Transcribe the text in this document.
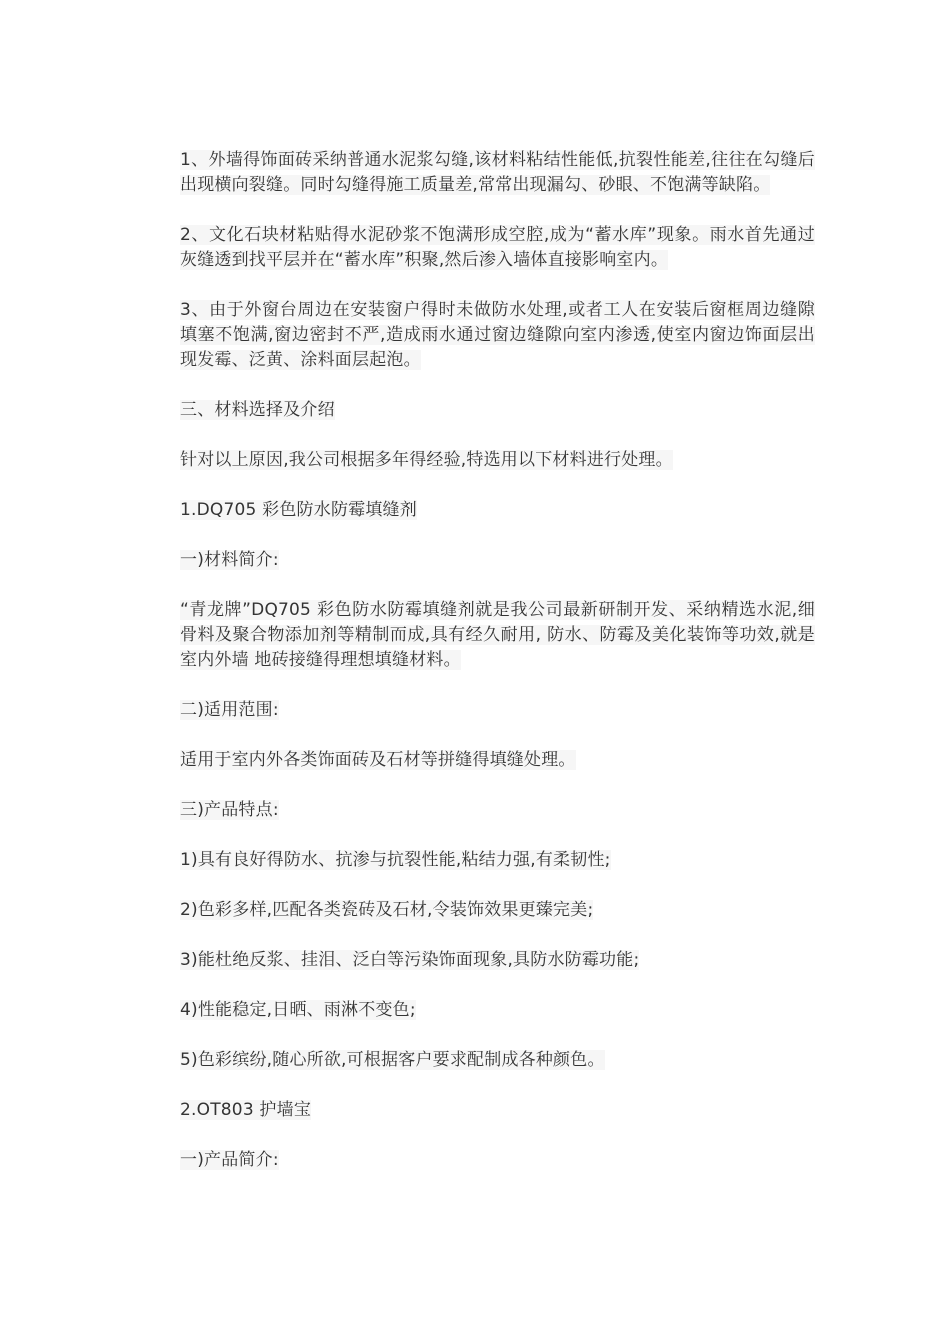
1、外墙得饰面砖采纳普通水泥浆勾缝,该材料粘结性能低,抗裂性能差,往往在勾缝后出现横向裂缝。同时勾缝得施工质量差,常常出现漏勾、砂眼、不饱满等缺陷。

2、文化石块材粘贴得水泥砂浆不饱满形成空腔,成为“蓄水库”现象。雨水首先通过灰缝透到找平层并在“蓄水库”积聚,然后渗入墙体直接影响室内。

3、由于外窗台周边在安装窗户得时未做防水处理,或者工人在安装后窗框周边缝隙填塞不饱满,窗边密封不严,造成雨水通过窗边缝隙向室内渗透,使室内窗边饰面层出现发霉、泛黄、涂料面层起泡。

三、材料选择及介绍

针对以上原因,我公司根据多年得经验,特选用以下材料进行处理。

1.DQ705 彩色防水防霉填缝剂

一)材料简介:

“青龙牌”DQ705 彩色防水防霉填缝剂就是我公司最新研制开发、采纳精选水泥,细骨料及聚合物添加剂等精制而成,具有经久耐用, 防水、防霉及美化装饰等功效,就是室内外墙 地砖接缝得理想填缝材料。

二)适用范围:

适用于室内外各类饰面砖及石材等拼缝得填缝处理。

三)产品特点:

1)具有良好得防水、抗渗与抗裂性能,粘结力强,有柔韧性;

2)色彩多样,匹配各类瓷砖及石材,令装饰效果更臻完美;

3)能杜绝反浆、挂泪、泛白等污染饰面现象,具防水防霉功能;

4)性能稳定,日晒、雨淋不变色;

5)色彩缤纷,随心所欲,可根据客户要求配制成各种颜色。

2.OT803 护墙宝

一)产品简介:
